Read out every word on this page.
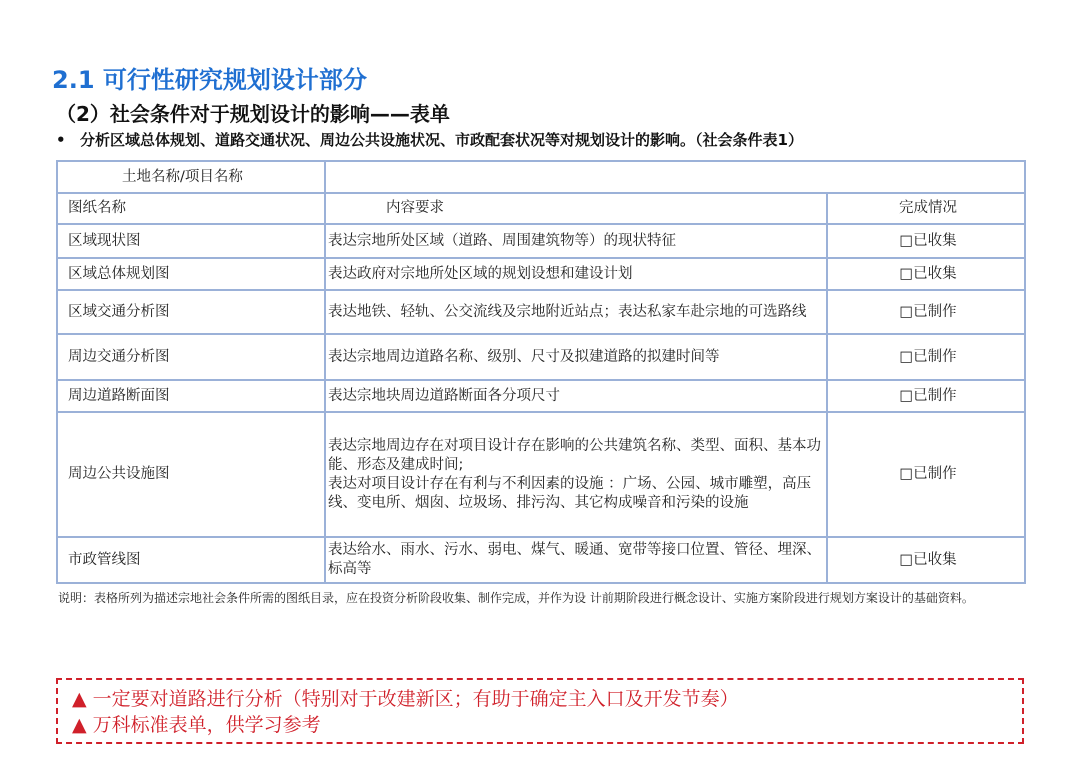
2.1 可行性研究规划设计部分
（2）社会条件对于规划设计的影响——表单
• 分析区域总体规划、道路交通状况、周边公共设施状况、市政配套状况等对规划设计的影响。（社会条件表1）
土地名称/项目名称		
图纸名称	内容要求	完成情况
区域现状图	表达宗地所处区域（道路、周围建筑物等）的现状特征	□已收集
区域总体规划图	表达政府对宗地所处区域的规划设想和建设计划	□已收集
区域交通分析图	表达地铁、轻轨、公交流线及宗地附近站点；表达私家车赴宗地的可选路线	□已制作
周边交通分析图	表达宗地周边道路名称、级别、尺寸及拟建道路的拟建时间等	□已制作
周边道路断面图	表达宗地块周边道路断面各分项尺寸	□已制作
周边公共设施图	表达宗地周边存在对项目设计存在影响的公共建筑名称、类型、面积、基本功能、形态及建成时间;
表达对项目设计存在有利与不利因素的设施 ：广场、公园、城市雕塑，高压线、变电所、烟囱、垃圾场、排污沟、其它构成噪音和污染的设施	□已制作
市政管线图	表达给水、雨水、污水、弱电、煤气、暖通、宽带等接口位置、管径、埋深、标高等	□已收集
说明：表格所列为描述宗地社会条件所需的图纸目录，应在投资分析阶段收集、制作完成，并作为设 计前期阶段进行概念设计、实施方案阶段进行规划方案设计的基础资料。
▲ 一定要对道路进行分析（特别对于改建新区；有助于确定主入口及开发节奏）
▲ 万科标准表单，供学习参考
